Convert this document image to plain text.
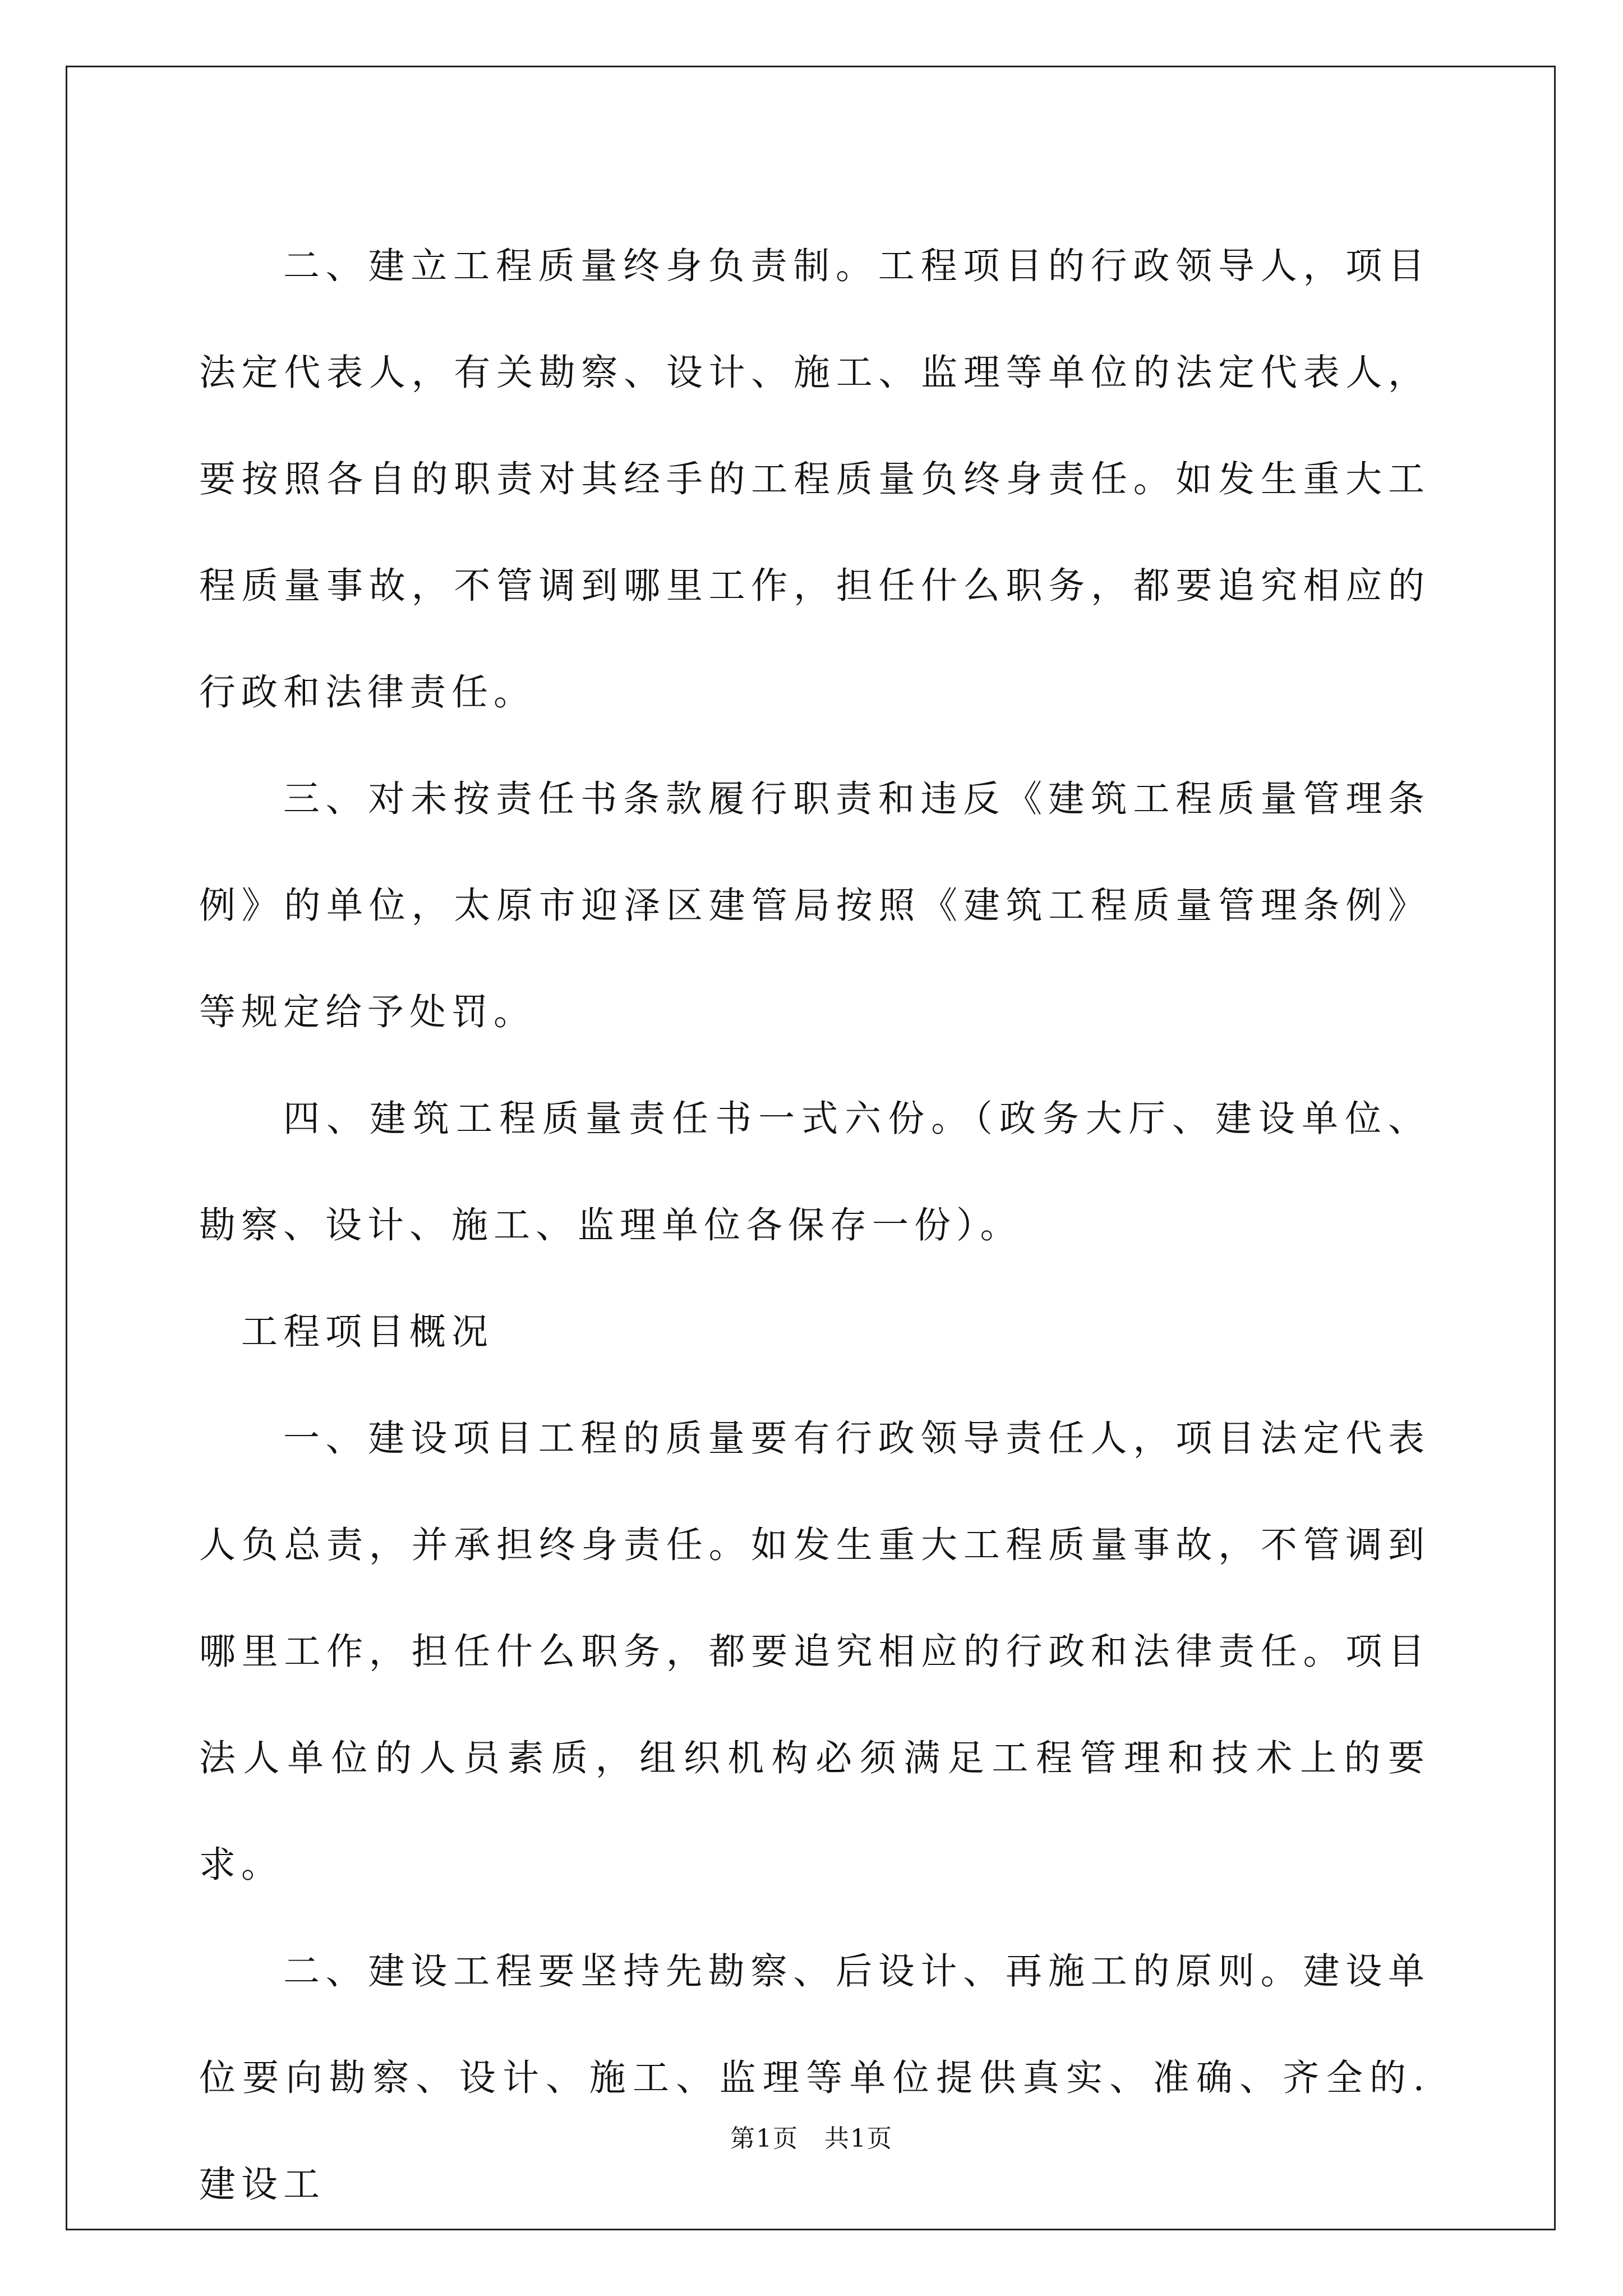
二、建立工程质量终身负责制。工程项目的行政领导人，项目法定代表人，有关勘察、设计、施工、监理等单位的法定代表人，要按照各自的职责对其经手的工程质量负终身责任。如发生重大工程质量事故，不管调到哪里工作，担任什么职务，都要追究相应的行政和法律责任。

三、对未按责任书条款履行职责和违反《建筑工程质量管理条例》的单位，太原市迎泽区建管局按照《建筑工程质量管理条例》等规定给予处罚。

四、建筑工程质量责任书一式六份。（政务大厅、建设单位、勘察、设计、施工、监理单位各保存一份）。

工程项目概况

一、建设项目工程的质量要有行政领导责任人，项目法定代表人负总责，并承担终身责任。如发生重大工程质量事故，不管调到哪里工作，担任什么职务，都要追究相应的行政和法律责任。项目法人单位的人员素质，组织机构必须满足工程管理和技术上的要求。

二、建设工程要坚持先勘察、后设计、再施工的原则。建设单位要向勘察、设计、施工、监理等单位提供真实、准确、齐全的.建设工

第1页　共1页
